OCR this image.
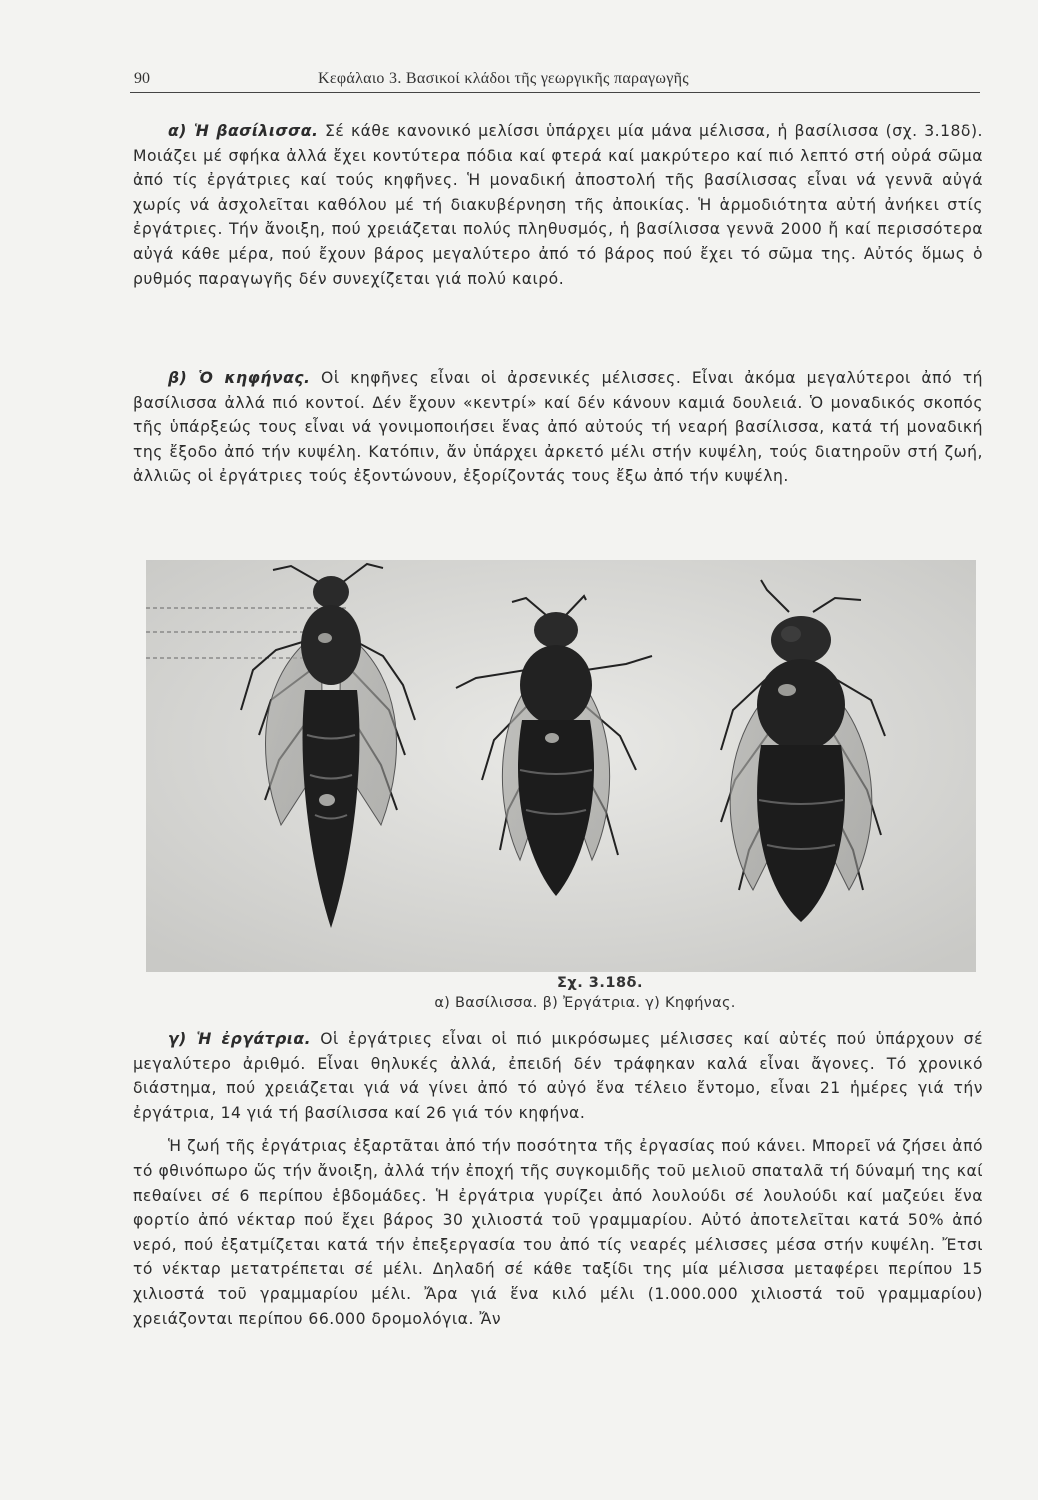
90	Κεφάλαιο 3. Βασικοί κλάδοι τῆς γεωργικῆς παραγωγῆς

α) Ἡ βασίλισσα. Σέ κάθε κανονικό μελίσσι ὑπάρχει μία μάνα μέλισσα, ἡ βασίλισσα (σχ. 3.18δ). Μοιάζει μέ σφήκα ἀλλά ἔχει κοντύτερα πόδια καί φτερά καί μακρύτερο καί πιό λεπτό στή οὐρά σῶμα ἀπό τίς ἐργάτριες καί τούς κηφῆνες. Ἡ μοναδική ἀποστολή τῆς βασίλισσας εἶναι νά γεννᾶ αὐγά χωρίς νά ἀσχολεῖται καθόλου μέ τή διακυβέρνηση τῆς ἀποικίας. Ἡ ἁρμοδιότητα αὐτή ἀνήκει στίς ἐργάτριες. Τήν ἄνοιξη, πού χρειάζεται πολύς πληθυσμός, ἡ βασίλισσα γεννᾶ 2000 ἤ καί περισσότερα αὐγά κάθε μέρα, πού ἔχουν βάρος μεγαλύτερο ἀπό τό βάρος πού ἔχει τό σῶμα της. Αὐτός ὅμως ὁ ρυθμός παραγωγῆς δέν συνεχίζεται γιά πολύ καιρό.

β) Ὁ κηφήνας. Οἱ κηφῆνες εἶναι οἱ ἀρσενικές μέλισσες. Εἶναι ἀκόμα μεγαλύτεροι ἀπό τή βασίλισσα ἀλλά πιό κοντοί. Δέν ἔχουν «κεντρί» καί δέν κάνουν καμιά δουλειά. Ὁ μοναδικός σκοπός τῆς ὑπάρξεώς τους εἶναι νά γονιμοποιήσει ἕνας ἀπό αὐτούς τή νεαρή βασίλισσα, κατά τή μοναδική της ἔξοδο ἀπό τήν κυψέλη. Κατόπιν, ἄν ὑπάρχει ἀρκετό μέλι στήν κυψέλη, τούς διατηροῦν στή ζωή, ἀλλιῶς οἱ ἐργάτριες τούς ἐξοντώνουν, ἐξορίζοντάς τους ἔξω ἀπό τήν κυψέλη.

Σχ. 3.18δ.
α) Βασίλισσα. β) Ἐργάτρια. γ) Κηφήνας.

γ) Ἡ ἐργάτρια. Οἱ ἐργάτριες εἶναι οἱ πιό μικρόσωμες μέλισσες καί αὐτές πού ὑπάρχουν σέ μεγαλύτερο ἀριθμό. Εἶναι θηλυκές ἀλλά, ἐπειδή δέν τράφηκαν καλά εἶναι ἄγονες. Τό χρονικό διάστημα, πού χρειάζεται γιά νά γίνει ἀπό τό αὐγό ἕνα τέλειο ἔντομο, εἶναι 21 ἡμέρες γιά τήν ἐργάτρια, 14 γιά τή βασίλισσα καί 26 γιά τόν κηφήνα.

Ἡ ζωή τῆς ἐργάτριας ἐξαρτᾶται ἀπό τήν ποσότητα τῆς ἐργασίας πού κάνει. Μπορεῖ νά ζήσει ἀπό τό φθινόπωρο ὥς τήν ἄνοιξη, ἀλλά τήν ἐποχή τῆς συγκομιδῆς τοῦ μελιοῦ σπαταλᾶ τή δύναμή της καί πεθαίνει σέ 6 περίπου ἑβδομάδες. Ἡ ἐργάτρια γυρίζει ἀπό λουλούδι σέ λουλούδι καί μαζεύει ἕνα φορτίο ἀπό νέκταρ πού ἔχει βάρος 30 χιλιοστά τοῦ γραμμαρίου. Αὐτό ἀποτελεῖται κατά 50% ἀπό νερό, πού ἐξατμίζεται κατά τήν ἐπεξεργασία του ἀπό τίς νεαρές μέλισσες μέσα στήν κυψέλη. Ἔτσι τό νέκταρ μετατρέπεται σέ μέλι. Δηλαδή σέ κάθε ταξίδι της μία μέλισσα μεταφέρει περίπου 15 χιλιοστά τοῦ γραμμαρίου μέλι. Ἄρα γιά ἕνα κιλό μέλι (1.000.000 χιλιοστά τοῦ γραμμαρίου) χρειάζονται περίπου 66.000 δρομολόγια. Ἄν
